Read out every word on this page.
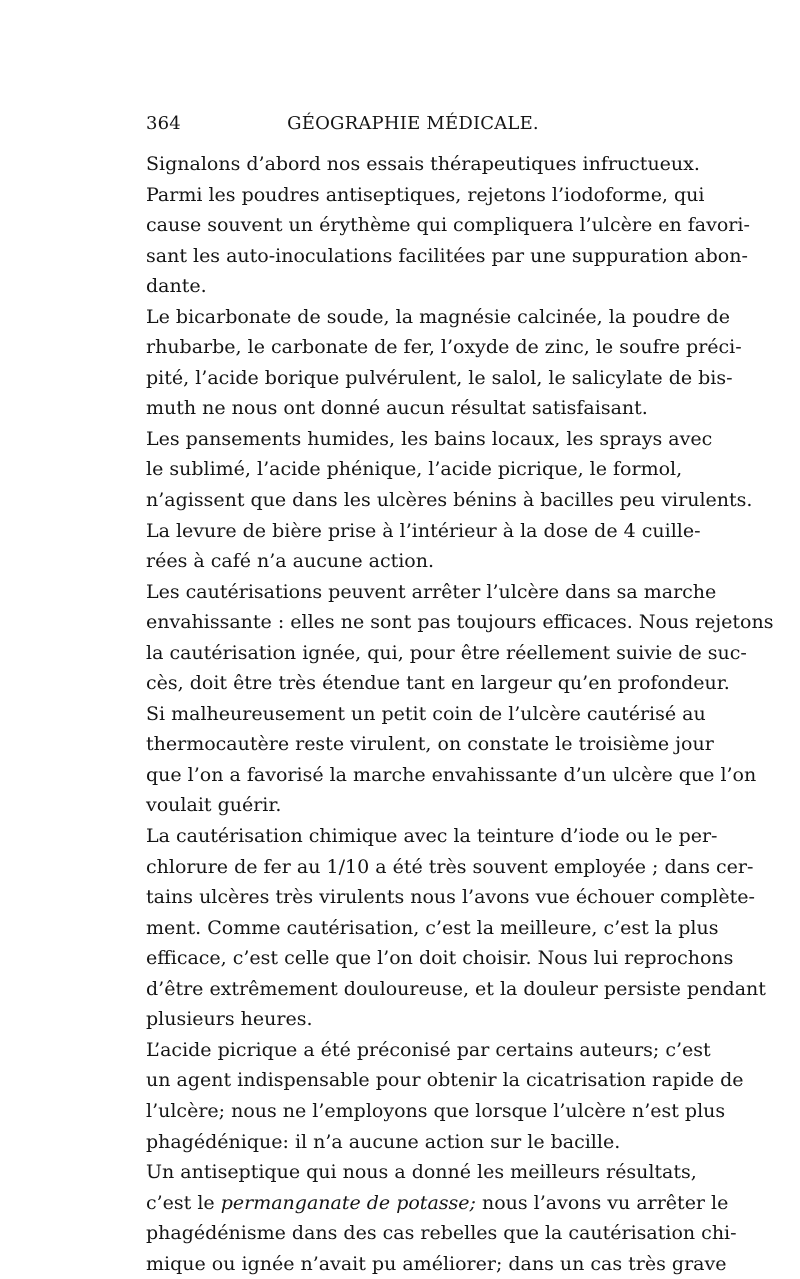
364	GÉOGRAPHIE MÉDICALE.
Signalons d’abord nos essais thérapeutiques infructueux.
Parmi les poudres antiseptiques, rejetons l’iodoforme, qui
cause souvent un érythème qui compliquera l’ulcère en favori-
sant les auto-inoculations facilitées par une suppuration abon-
dante.
Le bicarbonate de soude, la magnésie calcinée, la poudre de
rhubarbe, le carbonate de fer, l’oxyde de zinc, le soufre préci-
pité, l’acide borique pulvérulent, le salol, le salicylate de bis-
muth ne nous ont donné aucun résultat satisfaisant.
Les pansements humides, les bains locaux, les sprays avec
le sublimé, l’acide phénique, l’acide picrique, le formol,
n’agissent que dans les ulcères bénins à bacilles peu virulents.
La levure de bière prise à l’intérieur à la dose de 4 cuille-
rées à café n’a aucune action.
Les cautérisations peuvent arrêter l’ulcère dans sa marche
envahissante : elles ne sont pas toujours efficaces. Nous rejetons
la cautérisation ignée, qui, pour être réellement suivie de suc-
cès, doit être très étendue tant en largeur qu’en profondeur.
Si malheureusement un petit coin de l’ulcère cautérisé au
thermocautère reste virulent, on constate le troisième jour
que l’on a favorisé la marche envahissante d’un ulcère que l’on
voulait guérir.
La cautérisation chimique avec la teinture d’iode ou le per-
chlorure de fer au 1/10 a été très souvent employée ; dans cer-
tains ulcères très virulents nous l’avons vue échouer complète-
ment. Comme cautérisation, c’est la meilleure, c’est la plus
efficace, c’est celle que l’on doit choisir. Nous lui reprochons
d’être extrêmement douloureuse, et la douleur persiste pendant
plusieurs heures.
L’acide picrique a été préconisé par certains auteurs; c’est
un agent indispensable pour obtenir la cicatrisation rapide de
l’ulcère; nous ne l’employons que lorsque l’ulcère n’est plus
phagédénique: il n’a aucune action sur le bacille.
Un antiseptique qui nous a donné les meilleurs résultats,
c’est le permanganate de potasse; nous l’avons vu arrêter le
phagédénisme dans des cas rebelles que la cautérisation chi-
mique ou ignée n’avait pu améliorer; dans un cas très grave
